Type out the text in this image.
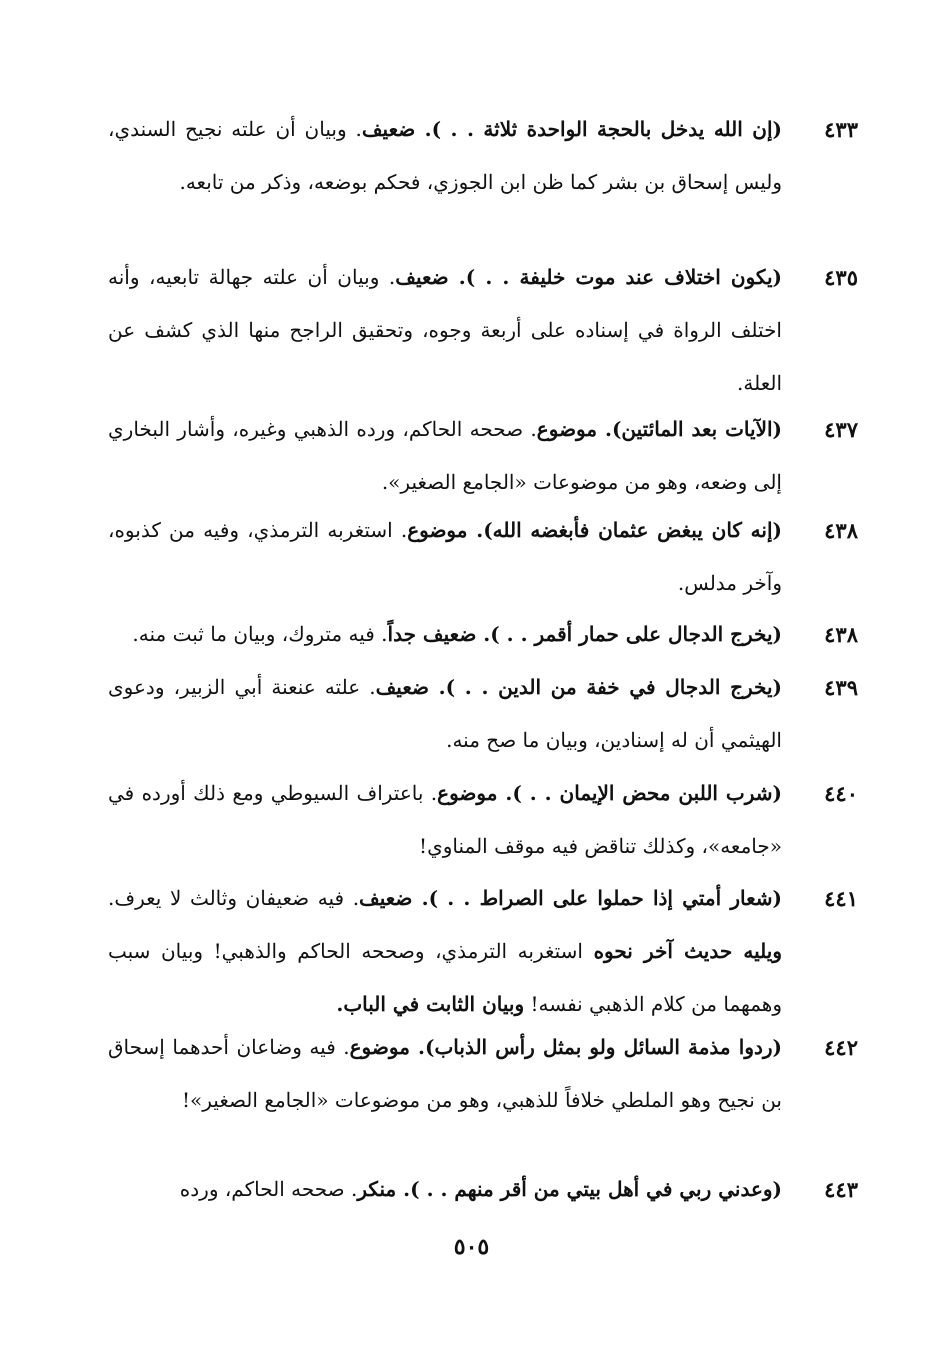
٤٣٣
(إن الله يدخل بالحجة الواحدة ثلاثة . . ). ضعيف. وبيان أن علته نجيح السندي، وليس إسحاق بن بشر كما ظن ابن الجوزي، فحكم بوضعه، وذكر من تابعه.
٤٣٥
(يكون اختلاف عند موت خليفة . . ). ضعيف. وبيان أن علته جهالة تابعيه، وأنه اختلف الرواة في إسناده على أربعة وجوه، وتحقيق الراجح منها الذي كشف عن العلة.
٤٣٧
(الآيات بعد المائتين). موضوع. صححه الحاكم، ورده الذهبي وغيره، وأشار البخاري إلى وضعه، وهو من موضوعات «الجامع الصغير».
٤٣٨
(إنه كان يبغض عثمان فأبغضه الله). موضوع. استغربه الترمذي، وفيه من كذبوه، وآخر مدلس.
٤٣٨
(يخرج الدجال على حمار أقمر . . ). ضعيف جداً. فيه متروك، وبيان ما ثبت منه.
٤٣٩
(يخرج الدجال في خفة من الدين . . ). ضعيف. علته عنعنة أبي الزبير، ودعوى الهيثمي أن له إسنادين، وبيان ما صح منه.
٤٤٠
(شرب اللبن محض الإيمان . . ). موضوع. باعتراف السيوطي ومع ذلك أورده في «جامعه»، وكذلك تناقض فيه موقف المناوي!
٤٤١
(شعار أمتي إذا حملوا على الصراط . . ). ضعيف. فيه ضعيفان وثالث لا يعرف. ويليه حديث آخر نحوه استغربه الترمذي، وصححه الحاكم والذهبي! وبيان سبب وهمهما من كلام الذهبي نفسه! وبيان الثابت في الباب.
٤٤٢
(ردوا مذمة السائل ولو بمثل رأس الذباب). موضوع. فيه وضاعان أحدهما إسحاق بن نجيح وهو الملطي خلافاً للذهبي، وهو من موضوعات «الجامع الصغير»!
٤٤٣
(وعدني ربي في أهل بيتي من أقر منهم . . ). منكر. صححه الحاكم، ورده
٥٠٥
